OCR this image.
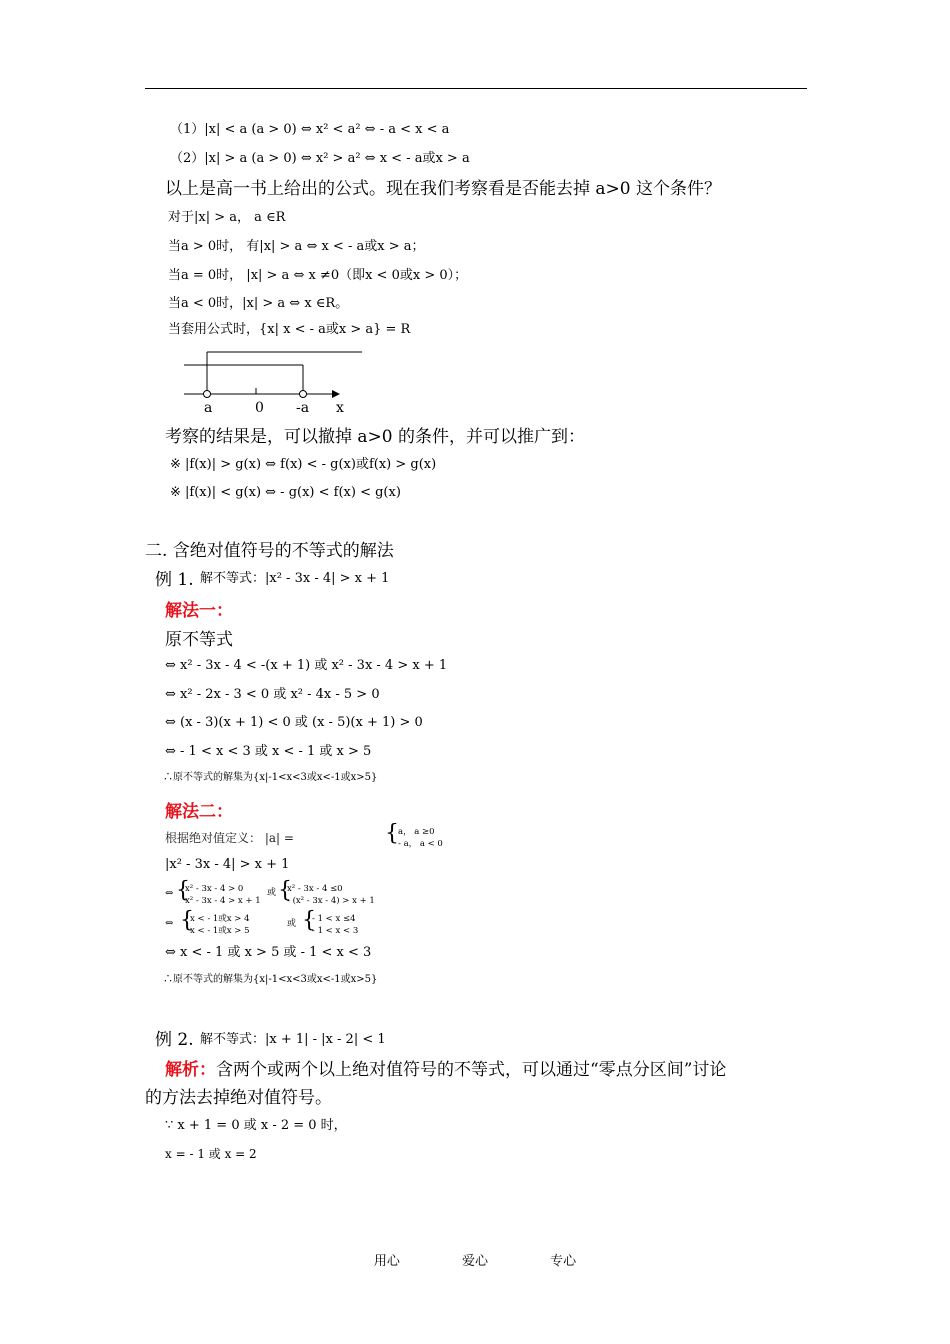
（1）|x| < a (a > 0) ⇔ x² < a² ⇔ - a < x < a
（2）|x| > a (a > 0) ⇔ x² > a² ⇔ x < - a或x > a
以上是高一书上给出的公式。现在我们考察看是否能去掉 a>0 这个条件？
对于|x| > a， a ∈R
当a > 0时， 有|x| > a ⇔ x < - a或x > a；
当a = 0时， |x| > a ⇔ x ≠0（即x < 0或x > 0）；
当a < 0时，|x| > a ⇔ x ∈R。
当套用公式时，{x| x < - a或x > a} = R
a	0 -a x
考察的结果是，可以撤掉 a>0 的条件，并可以推广到：
※ |f(x)| > g(x) ⇔ f(x) < - g(x)或f(x) > g(x)
※ |f(x)| < g(x) ⇔ - g(x) < f(x) < g(x)
二. 含绝对值符号的不等式的解法
例 1. 解不等式：|x² - 3x - 4| > x + 1
解法一：
原不等式
⇔ x² - 3x - 4 < -(x + 1) 或 x² - 3x - 4 > x + 1
⇔ x² - 2x - 3 < 0 或 x² - 4x - 5 > 0
⇔ (x - 3)(x + 1) < 0 或 (x - 5)(x + 1) > 0
⇔ - 1 < x < 3 或 x < - 1 或 x > 5
∴原不等式的解集为{x|-1<x<3或x<-1或x>5}
解法二：
根据绝对值定义： |a| =	{ a， a ≥0
- a， a < 0
|x² - 3x - 4| > x + 1
⇔ {
x² - 3x - 4 > 0
x² - 3x - 4 > x + 1
或 {
x² - 3x - 4 ≤0
- (x² - 3x - 4) > x + 1
⇔ {
x < - 1或x > 4
x < - 1或x > 5
或 {
- 1 < x ≤4
- 1 < x < 3
⇔ x < - 1 或 x > 5 或 - 1 < x < 3
∴原不等式的解集为{x|-1<x<3或x<-1或x>5}
例 2. 解不等式：|x + 1| - |x - 2| < 1
解析：含两个或两个以上绝对值符号的不等式，可以通过“零点分区间”讨论
的方法去掉绝对值符号。
∵ x + 1 = 0 或 x - 2 = 0 时，
x = - 1 或 x = 2
用心	爱心	专心
